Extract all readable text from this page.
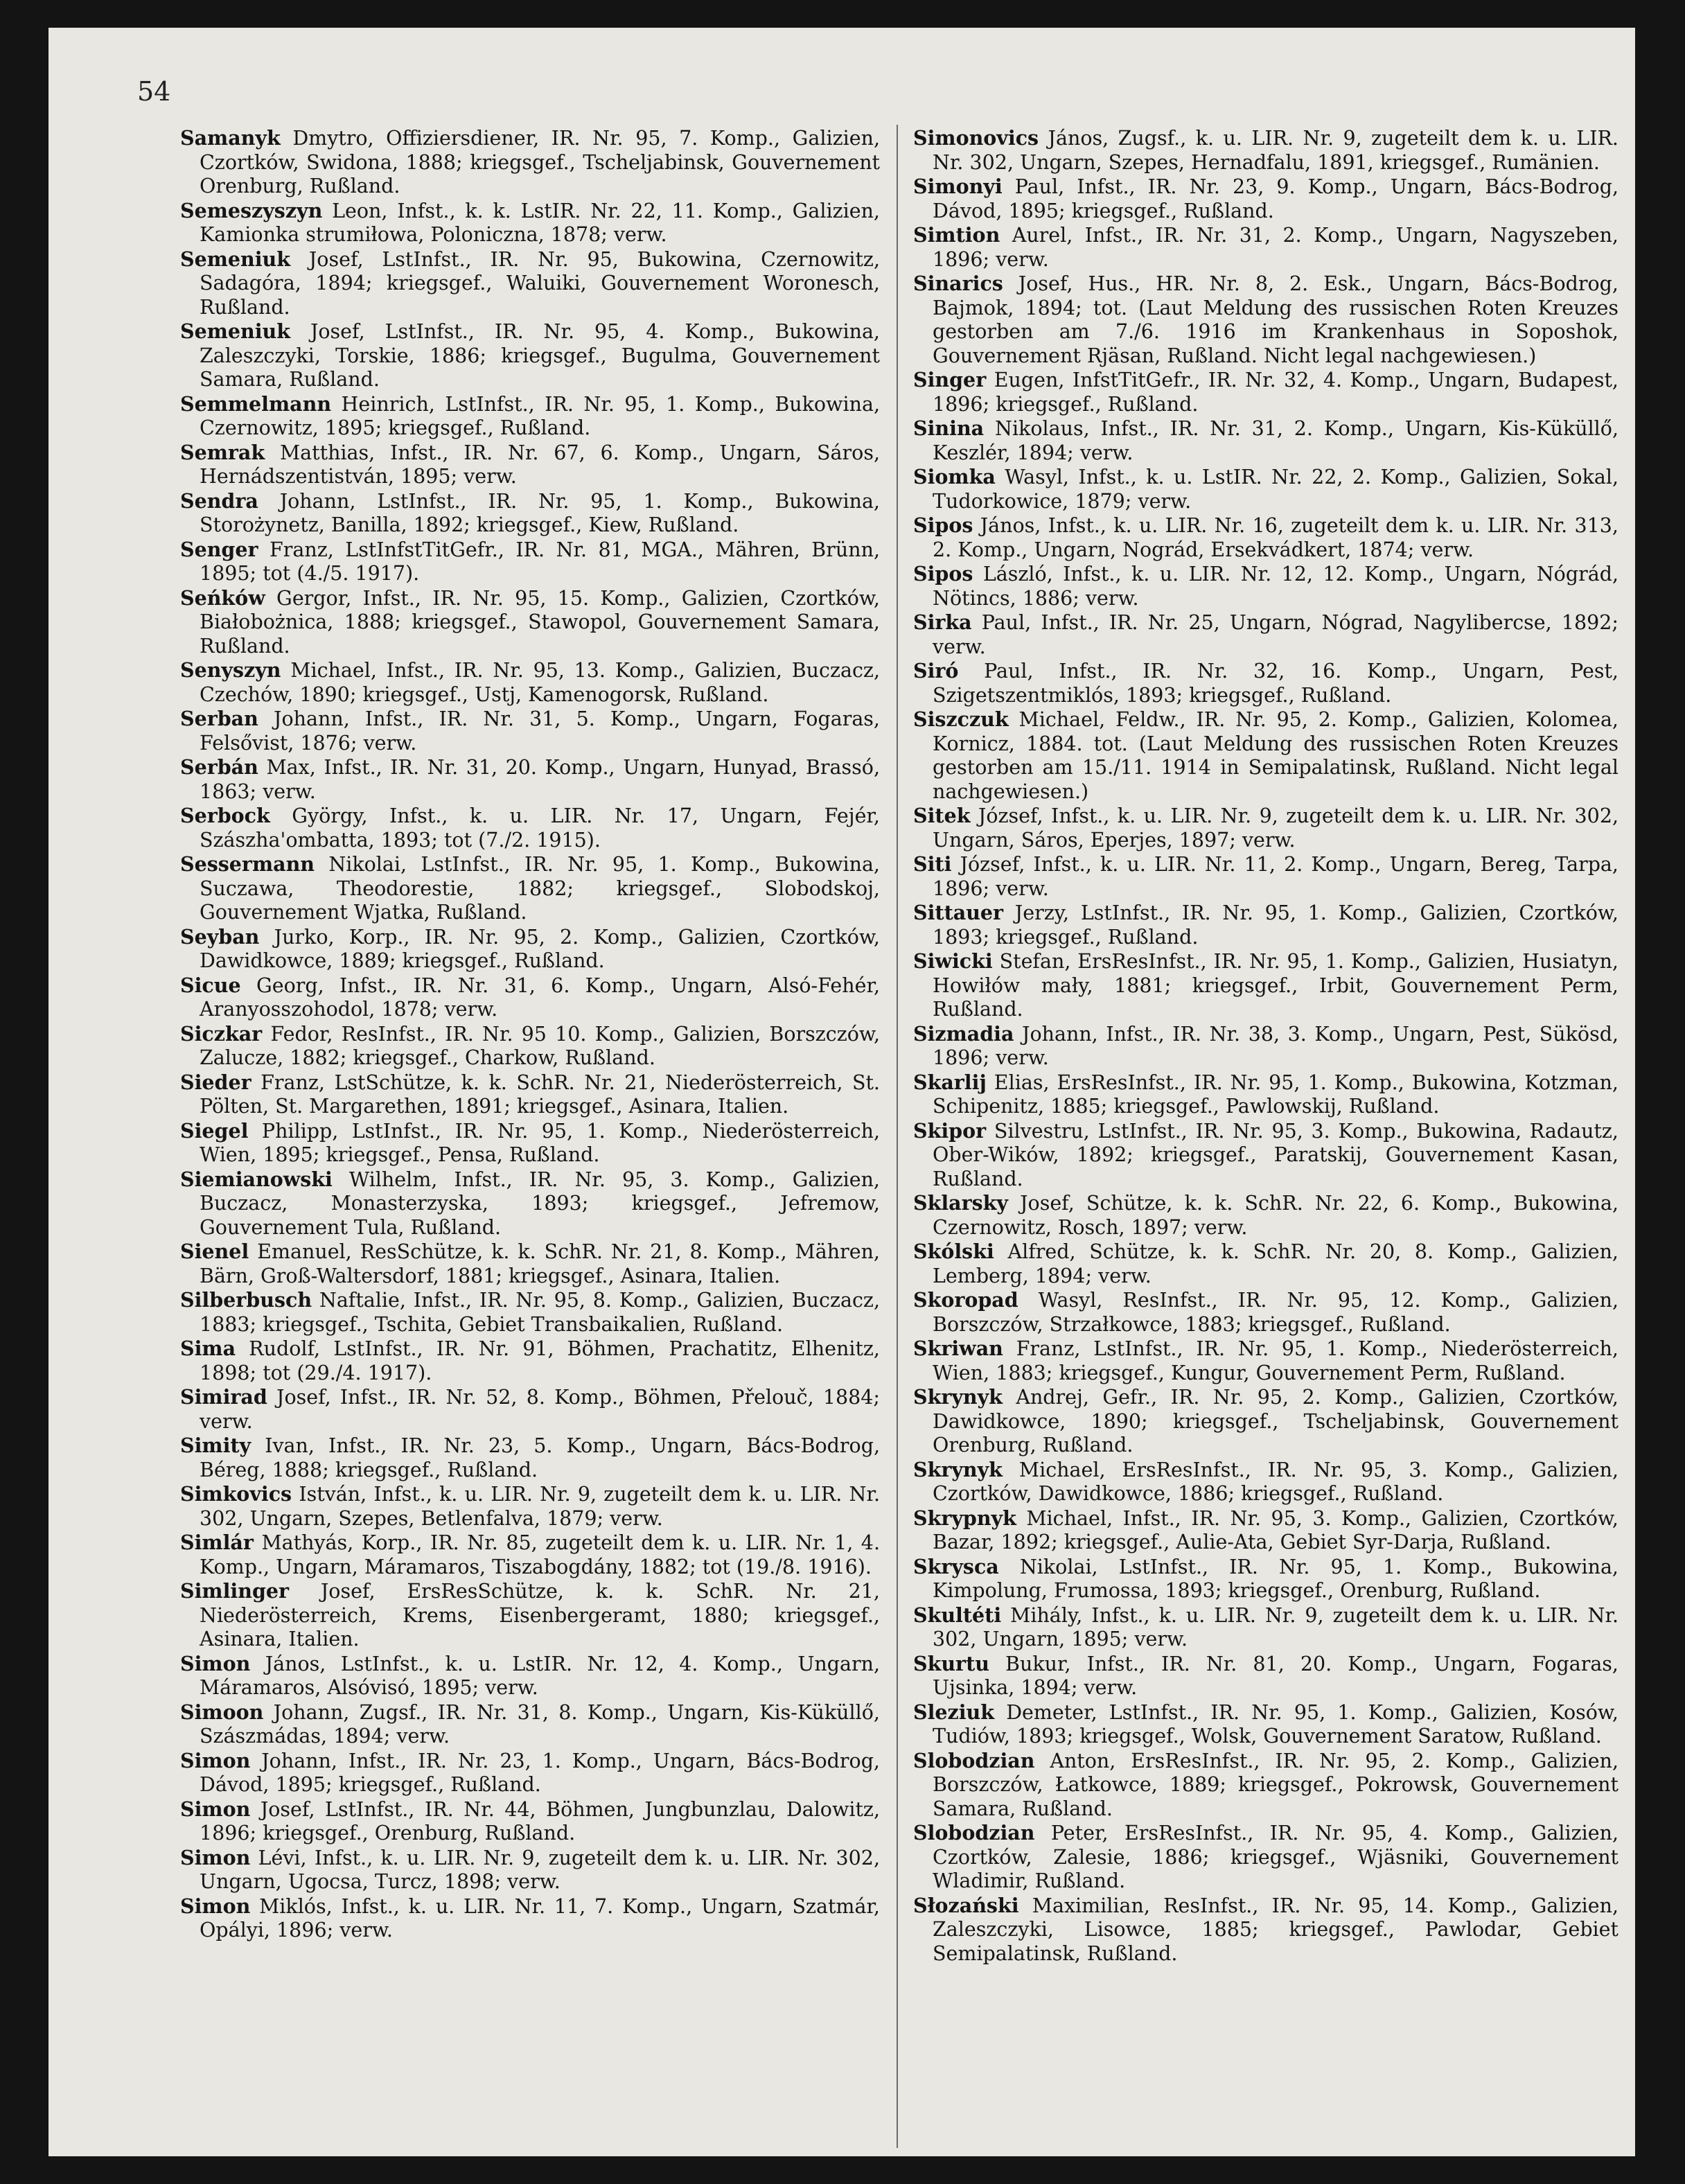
54

Samanyk Dmytro, Offiziersdiener, IR. Nr. 95, 7. Komp., Galizien, Czortków, Swidona, 1888; kriegsgef., Tscheljabinsk, Gouvernement Orenburg, Rußland.

Semeszyszyn Leon, Infst., k. k. LstIR. Nr. 22, 11. Komp., Galizien, Kamionka strumiłowa, Poloniczna, 1878; verw.

Semeniuk Josef, LstInfst., IR. Nr. 95, Bukowina, Czernowitz, Sadagóra, 1894; kriegsgef., Waluiki, Gouvernement Woronesch, Rußland.

Semeniuk Josef, LstInfst., IR. Nr. 95, 4. Komp., Bukowina, Zaleszczyki, Torskie, 1886; kriegsgef., Bugulma, Gouvernement Samara, Rußland.

Semmelmann Heinrich, LstInfst., IR. Nr. 95, 1. Komp., Bukowina, Czernowitz, 1895; kriegsgef., Rußland.

Semrak Matthias, Infst., IR. Nr. 67, 6. Komp., Ungarn, Sáros, Hernádszentistván, 1895; verw.

Sendra Johann, LstInfst., IR. Nr. 95, 1. Komp., Bukowina, Storożynetz, Banilla, 1892; kriegsgef., Kiew, Rußland.

Senger Franz, LstInfstTitGefr., IR. Nr. 81, MGA., Mähren, Brünn, 1895; tot (4./5. 1917).

Seńków Gergor, Infst., IR. Nr. 95, 15. Komp., Galizien, Czortków, Białobożnica, 1888; kriegsgef., Stawopol, Gouvernement Samara, Rußland.

Senyszyn Michael, Infst., IR. Nr. 95, 13. Komp., Galizien, Buczacz, Czechów, 1890; kriegsgef., Ustj, Kamenogorsk, Rußland.

Serban Johann, Infst., IR. Nr. 31, 5. Komp., Ungarn, Fogaras, Felsővist, 1876; verw.

Serbán Max, Infst., IR. Nr. 31, 20. Komp., Ungarn, Hunyad, Brassó, 1863; verw.

Serbock György, Infst., k. u. LIR. Nr. 17, Ungarn, Fejér, Szászha'ombatta, 1893; tot (7./2. 1915).

Sessermann Nikolai, LstInfst., IR. Nr. 95, 1. Komp., Bukowina, Suczawa, Theodorestie, 1882; kriegsgef., Slobodskoj, Gouvernement Wjatka, Rußland.

Seyban Jurko, Korp., IR. Nr. 95, 2. Komp., Galizien, Czortków, Dawidkowce, 1889; kriegsgef., Rußland.

Sicue Georg, Infst., IR. Nr. 31, 6. Komp., Ungarn, Alsó-Fehér, Aranyosszohodol, 1878; verw.

Siczkar Fedor, ResInfst., IR. Nr. 95 10. Komp., Galizien, Borszczów, Zalucze, 1882; kriegsgef., Charkow, Rußland.

Sieder Franz, LstSchütze, k. k. SchR. Nr. 21, Niederösterreich, St. Pölten, St. Margarethen, 1891; kriegsgef., Asinara, Italien.

Siegel Philipp, LstInfst., IR. Nr. 95, 1. Komp., Niederösterreich, Wien, 1895; kriegsgef., Pensa, Rußland.

Siemianowski Wilhelm, Infst., IR. Nr. 95, 3. Komp., Galizien, Buczacz, Monasterzyska, 1893; kriegsgef., Jefremow, Gouvernement Tula, Rußland.

Sienel Emanuel, ResSchütze, k. k. SchR. Nr. 21, 8. Komp., Mähren, Bärn, Groß-Waltersdorf, 1881; kriegsgef., Asinara, Italien.

Silberbusch Naftalie, Infst., IR. Nr. 95, 8. Komp., Galizien, Buczacz, 1883; kriegsgef., Tschita, Gebiet Transbaikalien, Rußland.

Sima Rudolf, LstInfst., IR. Nr. 91, Böhmen, Prachatitz, Elhenitz, 1898; tot (29./4. 1917).

Simirad Josef, Infst., IR. Nr. 52, 8. Komp., Böhmen, Přelouč, 1884; verw.

Simity Ivan, Infst., IR. Nr. 23, 5. Komp., Ungarn, Bács-Bodrog, Béreg, 1888; kriegsgef., Rußland.

Simkovics István, Infst., k. u. LIR. Nr. 9, zugeteilt dem k. u. LIR. Nr. 302, Ungarn, Szepes, Betlenfalva, 1879; verw.

Simlár Mathyás, Korp., IR. Nr. 85, zugeteilt dem k. u. LIR. Nr. 1, 4. Komp., Ungarn, Máramaros, Tiszabogdány, 1882; tot (19./8. 1916).

Simlinger Josef, ErsResSchütze, k. k. SchR. Nr. 21, Niederösterreich, Krems, Eisenbergeramt, 1880; kriegsgef., Asinara, Italien.

Simon János, LstInfst., k. u. LstIR. Nr. 12, 4. Komp., Ungarn, Máramaros, Alsóvisó, 1895; verw.

Simoon Johann, Zugsf., IR. Nr. 31, 8. Komp., Ungarn, Kis-Küküllő, Szászmádas, 1894; verw.

Simon Johann, Infst., IR. Nr. 23, 1. Komp., Ungarn, Bács-Bodrog, Dávod, 1895; kriegsgef., Rußland.

Simon Josef, LstInfst., IR. Nr. 44, Böhmen, Jungbunzlau, Dalowitz, 1896; kriegsgef., Orenburg, Rußland.

Simon Lévi, Infst., k. u. LIR. Nr. 9, zugeteilt dem k. u. LIR. Nr. 302, Ungarn, Ugocsa, Turcz, 1898; verw.

Simon Miklós, Infst., k. u. LIR. Nr. 11, 7. Komp., Ungarn, Szatmár, Opályi, 1896; verw.

Simonovics János, Zugsf., k. u. LIR. Nr. 9, zugeteilt dem k. u. LIR. Nr. 302, Ungarn, Szepes, Hernadfalu, 1891, kriegsgef., Rumänien.

Simonyi Paul, Infst., IR. Nr. 23, 9. Komp., Ungarn, Bács-Bodrog, Dávod, 1895; kriegsgef., Rußland.

Simtion Aurel, Infst., IR. Nr. 31, 2. Komp., Ungarn, Nagyszeben, 1896; verw.

Sinarics Josef, Hus., HR. Nr. 8, 2. Esk., Ungarn, Bács-Bodrog, Bajmok, 1894; tot. (Laut Meldung des russischen Roten Kreuzes gestorben am 7./6. 1916 im Krankenhaus in Soposhok, Gouvernement Rjäsan, Rußland. Nicht legal nachgewiesen.)

Singer Eugen, InfstTitGefr., IR. Nr. 32, 4. Komp., Ungarn, Budapest, 1896; kriegsgef., Rußland.

Sinina Nikolaus, Infst., IR. Nr. 31, 2. Komp., Ungarn, Kis-Küküllő, Keszlér, 1894; verw.

Siomka Wasyl, Infst., k. u. LstIR. Nr. 22, 2. Komp., Galizien, Sokal, Tudorkowice, 1879; verw.

Sipos János, Infst., k. u. LIR. Nr. 16, zugeteilt dem k. u. LIR. Nr. 313, 2. Komp., Ungarn, Nográd, Ersekvádkert, 1874; verw.

Sipos László, Infst., k. u. LIR. Nr. 12, 12. Komp., Ungarn, Nógrád, Nötincs, 1886; verw.

Sirka Paul, Infst., IR. Nr. 25, Ungarn, Nógrad, Nagylibercse, 1892; verw.

Siró Paul, Infst., IR. Nr. 32, 16. Komp., Ungarn, Pest, Szigetszentmiklós, 1893; kriegsgef., Rußland.

Siszczuk Michael, Feldw., IR. Nr. 95, 2. Komp., Galizien, Kolomea, Kornicz, 1884. tot. (Laut Meldung des russischen Roten Kreuzes gestorben am 15./11. 1914 in Semipalatinsk, Rußland. Nicht legal nachgewiesen.)

Sitek József, Infst., k. u. LIR. Nr. 9, zugeteilt dem k. u. LIR. Nr. 302, Ungarn, Sáros, Eperjes, 1897; verw.

Siti József, Infst., k. u. LIR. Nr. 11, 2. Komp., Ungarn, Bereg, Tarpa, 1896; verw.

Sittauer Jerzy, LstInfst., IR. Nr. 95, 1. Komp., Galizien, Czortków, 1893; kriegsgef., Rußland.

Siwicki Stefan, ErsResInfst., IR. Nr. 95, 1. Komp., Galizien, Husiatyn, Howiłów mały, 1881; kriegsgef., Irbit, Gouvernement Perm, Rußland.

Sizmadia Johann, Infst., IR. Nr. 38, 3. Komp., Ungarn, Pest, Sükösd, 1896; verw.

Skarlij Elias, ErsResInfst., IR. Nr. 95, 1. Komp., Bukowina, Kotzman, Schipenitz, 1885; kriegsgef., Pawlowskij, Rußland.

Skipor Silvestru, LstInfst., IR. Nr. 95, 3. Komp., Bukowina, Radautz, Ober-Wików, 1892; kriegsgef., Paratskij, Gouvernement Kasan, Rußland.

Sklarsky Josef, Schütze, k. k. SchR. Nr. 22, 6. Komp., Bukowina, Czernowitz, Rosch, 1897; verw.

Skólski Alfred, Schütze, k. k. SchR. Nr. 20, 8. Komp., Galizien, Lemberg, 1894; verw.

Skoropad Wasyl, ResInfst., IR. Nr. 95, 12. Komp., Galizien, Borszczów, Strzałkowce, 1883; kriegsgef., Rußland.

Skriwan Franz, LstInfst., IR. Nr. 95, 1. Komp., Niederösterreich, Wien, 1883; kriegsgef., Kungur, Gouvernement Perm, Rußland.

Skrynyk Andrej, Gefr., IR. Nr. 95, 2. Komp., Galizien, Czortków, Dawidkowce, 1890; kriegsgef., Tscheljabinsk, Gouvernement Orenburg, Rußland.

Skrynyk Michael, ErsResInfst., IR. Nr. 95, 3. Komp., Galizien, Czortków, Dawidkowce, 1886; kriegsgef., Rußland.

Skrypnyk Michael, Infst., IR. Nr. 95, 3. Komp., Galizien, Czortków, Bazar, 1892; kriegsgef., Aulie-Ata, Gebiet Syr-Darja, Rußland.

Skrysca Nikolai, LstInfst., IR. Nr. 95, 1. Komp., Bukowina, Kimpolung, Frumossa, 1893; kriegsgef., Orenburg, Rußland.

Skultéti Mihály, Infst., k. u. LIR. Nr. 9, zugeteilt dem k. u. LIR. Nr. 302, Ungarn, 1895; verw.

Skurtu Bukur, Infst., IR. Nr. 81, 20. Komp., Ungarn, Fogaras, Ujsinka, 1894; verw.

Sleziuk Demeter, LstInfst., IR. Nr. 95, 1. Komp., Galizien, Kosów, Tudiów, 1893; kriegsgef., Wolsk, Gouvernement Saratow, Rußland.

Slobodzian Anton, ErsResInfst., IR. Nr. 95, 2. Komp., Galizien, Borszczów, Łatkowce, 1889; kriegsgef., Pokrowsk, Gouvernement Samara, Rußland.

Slobodzian Peter, ErsResInfst., IR. Nr. 95, 4. Komp., Galizien, Czortków, Zalesie, 1886; kriegsgef., Wjäsniki, Gouvernement Wladimir, Rußland.

Słozański Maximilian, ResInfst., IR. Nr. 95, 14. Komp., Galizien, Zaleszczyki, Lisowce, 1885; kriegsgef., Pawlodar, Gebiet Semipalatinsk, Rußland.
